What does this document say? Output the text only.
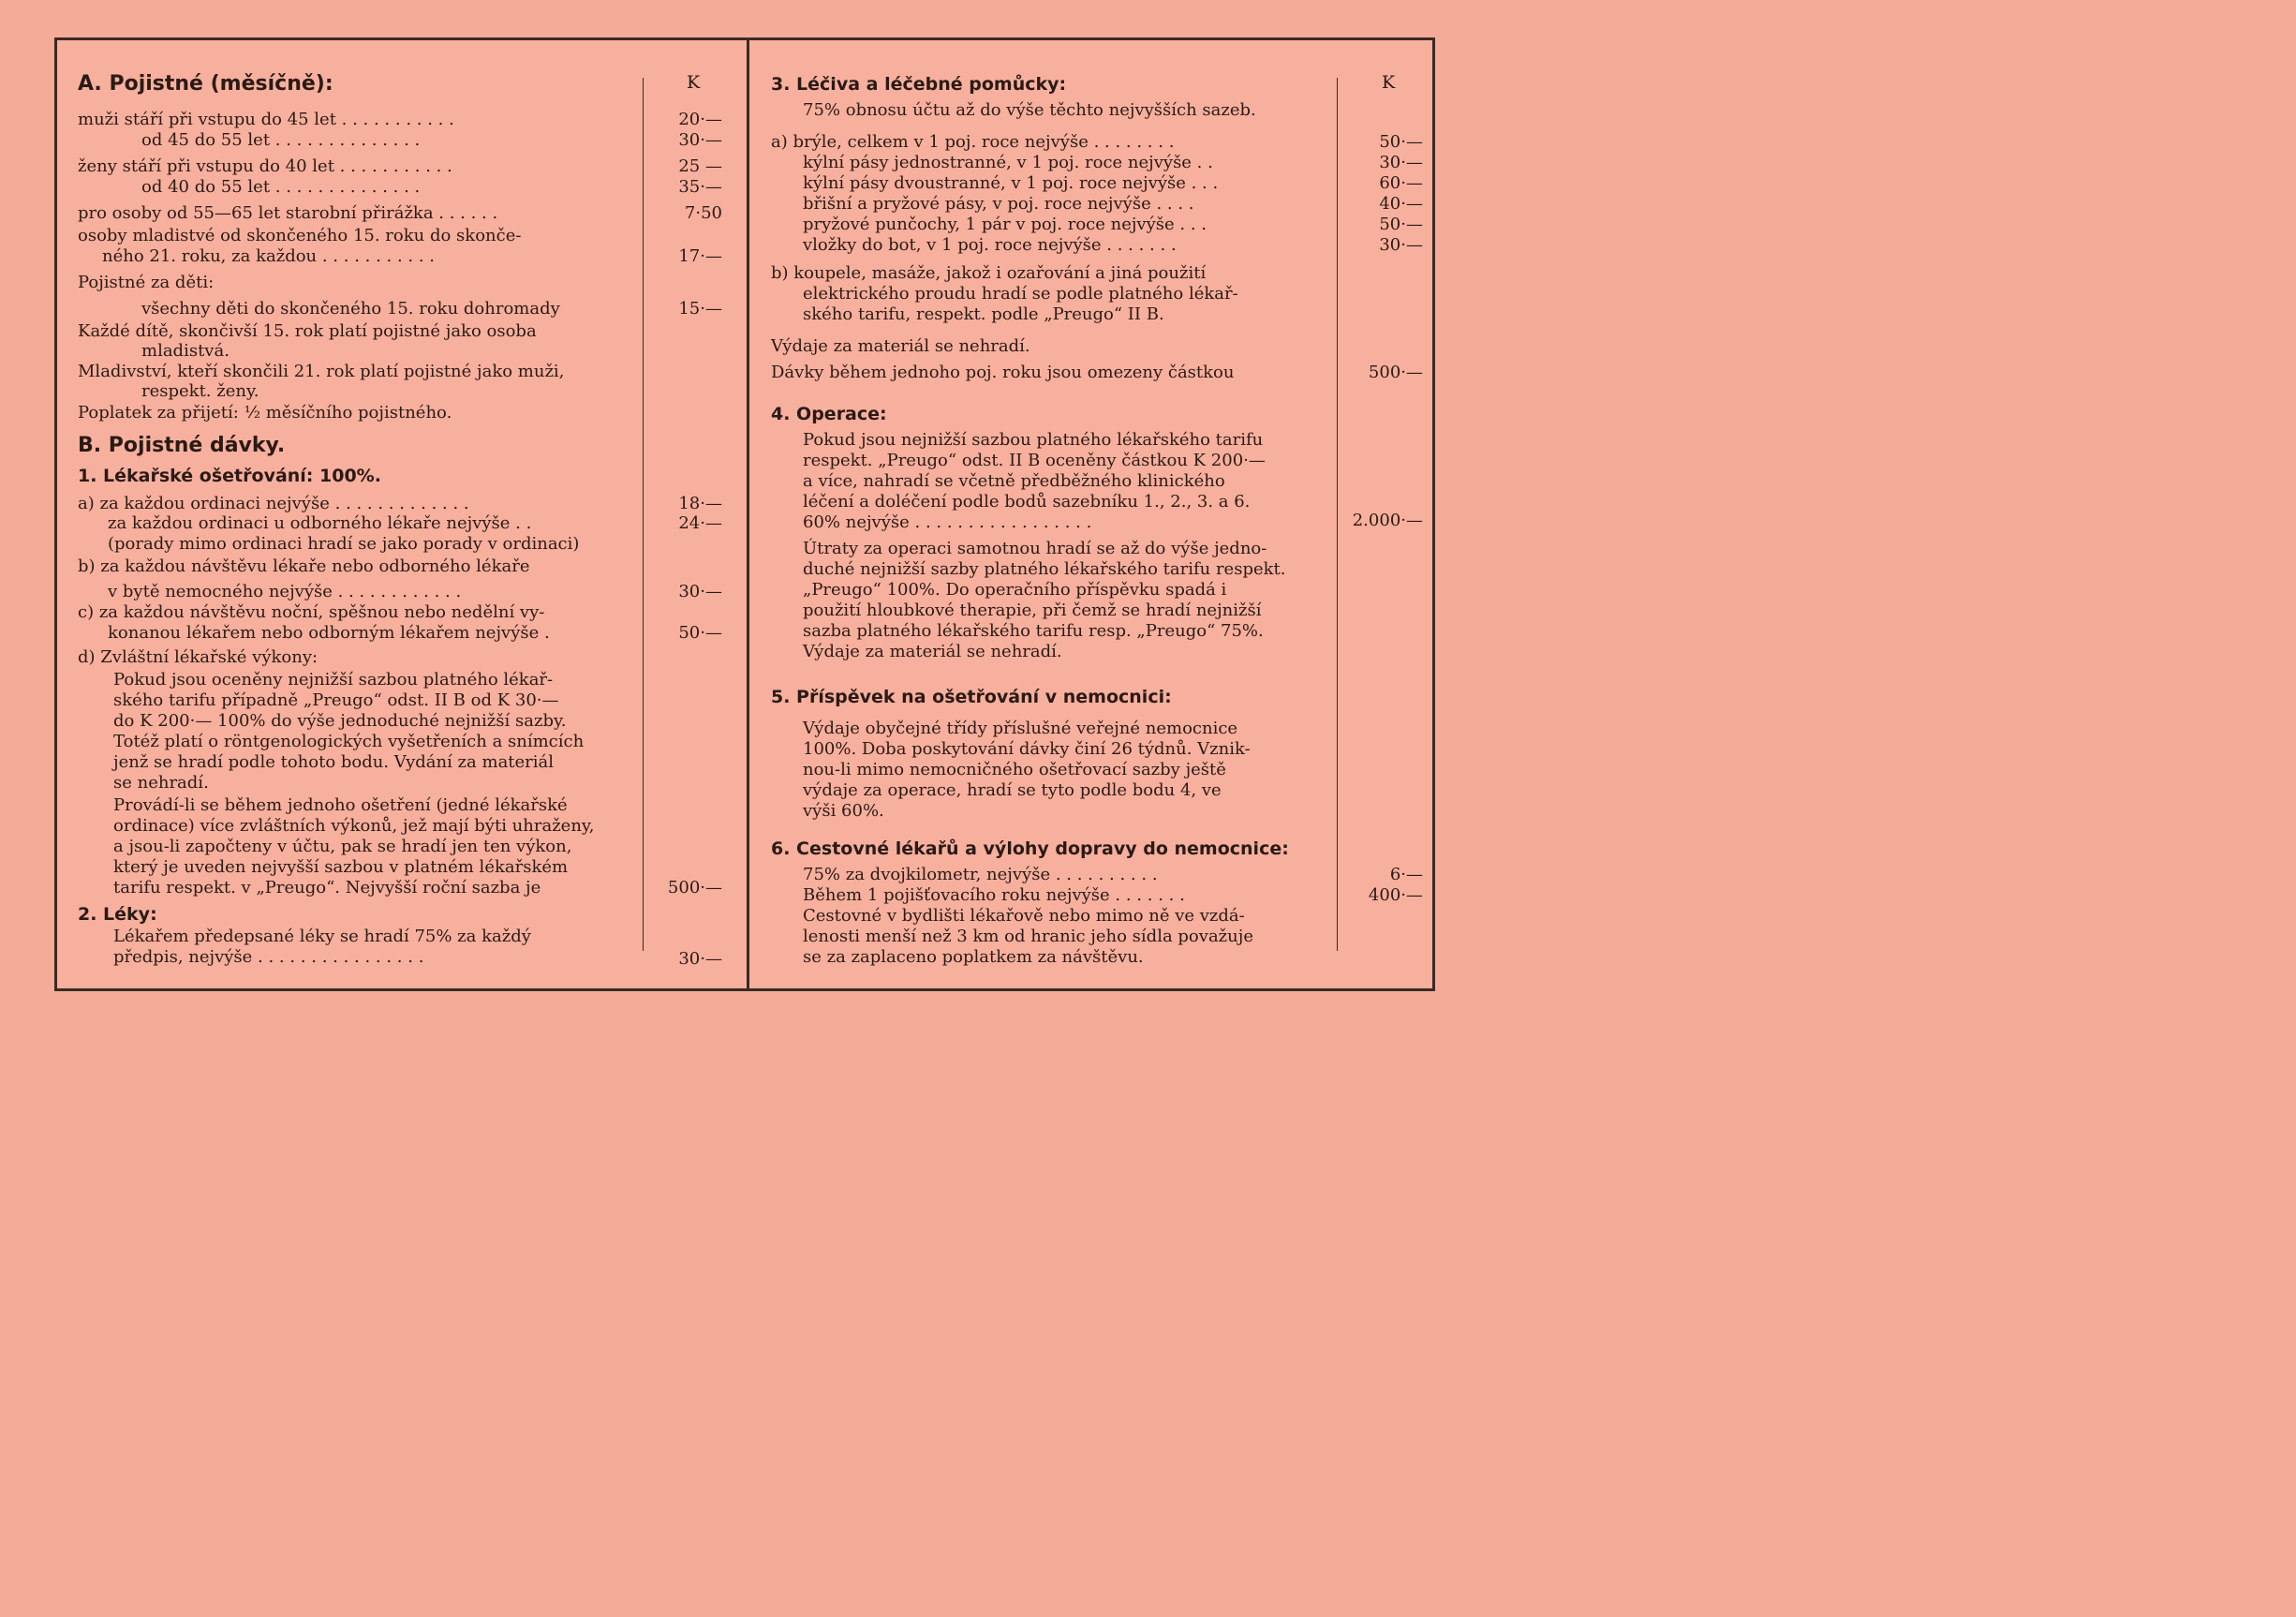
K
A. Pojistné (měsíčně):
muži stáří při vstupu do 45 let . . . . . . . . . . .	20·—
od 45 do 55 let . . . . . . . . . . . . . .	30·—
ženy stáří při vstupu do 40 let . . . . . . . . . . .	25 —
od 40 do 55 let . . . . . . . . . . . . . .	35·—
pro osoby od 55—65 let starobní přirážka . . . . . .	7·50
osoby mladistvé od skončeného 15. roku do skonče-
ného 21. roku, za každou . . . . . . . . . . .	17·—
Pojistné za děti:
všechny děti do skončeného 15. roku dohromady	15·—
Každé dítě, skončivší 15. rok platí pojistné jako osoba
mladistvá.
Mladivství, kteří skončili 21. rok platí pojistné jako muži,
respekt. ženy.
Poplatek za přijetí: ½ měsíčního pojistného.
B. Pojistné dávky.
1. Lékařské ošetřování: 100%.
a) za každou ordinaci nejvýše . . . . . . . . . . . . .	18·—
za každou ordinaci u odborného lékaře nejvýše . .	24·—
(porady mimo ordinaci hradí se jako porady v ordinaci)
b) za každou návštěvu lékaře nebo odborného lékaře
v bytě nemocného nejvýše . . . . . . . . . . . .	30·—
c) za každou návštěvu noční, spěšnou nebo nedělní vy-
konanou lékařem nebo odborným lékařem nejvýše .	50·—
d) Zvláštní lékařské výkony:
Pokud jsou oceněny nejnižší sazbou platného lékař-
ského tarifu případně „Preugo“ odst. II B od K 30·—
do K 200·— 100% do výše jednoduché nejnižší sazby.
Totéž platí o röntgenologických vyšetřeních a snímcích
jenž se hradí podle tohoto bodu. Vydání za materiál
se nehradí.
Provádí-li se během jednoho ošetření (jedné lékařské
ordinace) více zvláštních výkonů, jež mají býti uhraženy,
a jsou-li započteny v účtu, pak se hradí jen ten výkon,
který je uveden nejvyšší sazbou v platném lékařském
tarifu respekt. v „Preugo“. Nejvyšší roční sazba je	500·—
2. Léky:
Lékařem předepsané léky se hradí 75% za každý
předpis, nejvýše . . . . . . . . . . . . . . . .	30·—
K
3. Léčiva a léčebné pomůcky:
75% obnosu účtu až do výše těchto nejvyšších sazeb.
a) brýle, celkem v 1 poj. roce nejvýše . . . . . . . .	50·—
kýlní pásy jednostranné, v 1 poj. roce nejvýše . .	30·—
kýlní pásy dvoustranné, v 1 poj. roce nejvýše . . .	60·—
břišní a pryžové pásy, v poj. roce nejvýše . . . .	40·—
pryžové punčochy, 1 pár v poj. roce nejvýše . . .	50·—
vložky do bot, v 1 poj. roce nejvýše . . . . . . .	30·—
b) koupele, masáže, jakož i ozařování a jiná použití
elektrického proudu hradí se podle platného lékař-
ského tarifu, respekt. podle „Preugo“ II B.
Výdaje za materiál se nehradí.
Dávky během jednoho poj. roku jsou omezeny částkou	500·—
4. Operace:
Pokud jsou nejnižší sazbou platného lékařského tarifu
respekt. „Preugo“ odst. II B oceněny částkou K 200·—
a více, nahradí se včetně předběžného klinického
léčení a doléčení podle bodů sazebníku 1., 2., 3. a 6.
60% nejvýše . . . . . . . . . . . . . . . . .	2.000·—
Útraty za operaci samotnou hradí se až do výše jedno-
duché nejnižší sazby platného lékařského tarifu respekt.
„Preugo“ 100%. Do operačního příspěvku spadá i
použití hloubkové therapie, při čemž se hradí nejnižší
sazba platného lékařského tarifu resp. „Preugo“ 75%.
Výdaje za materiál se nehradí.
5. Příspěvek na ošetřování v nemocnici:
Výdaje obyčejné třídy příslušné veřejné nemocnice
100%. Doba poskytování dávky činí 26 týdnů. Vznik-
nou-li mimo nemocničného ošetřovací sazby ještě
výdaje za operace, hradí se tyto podle bodu 4, ve
výši 60%.
6. Cestovné lékařů a výlohy dopravy do nemocnice:
75% za dvojkilometr, nejvýše . . . . . . . . . .	6·—
Během 1 pojišťovacího roku nejvýše . . . . . . .	400·—
Cestovné v bydlišti lékařově nebo mimo ně ve vzdá-
lenosti menší než 3 km od hranic jeho sídla považuje
se za zaplaceno poplatkem za návštěvu.
